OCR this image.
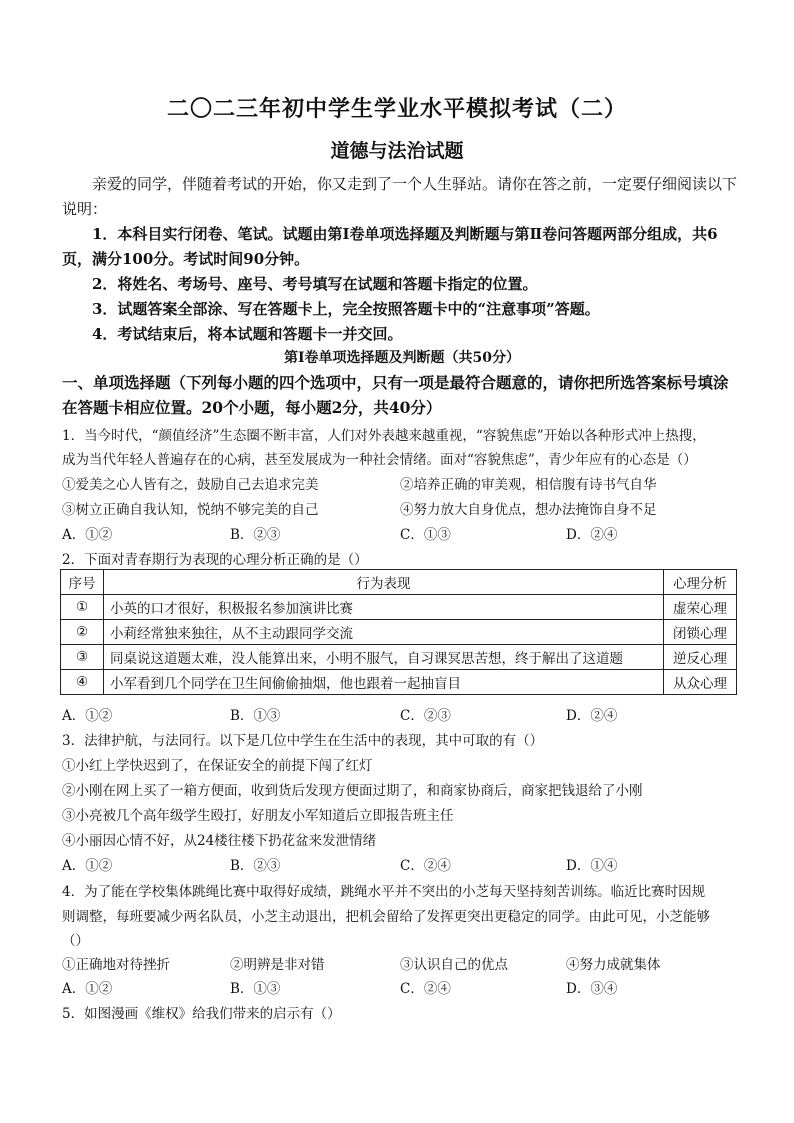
二〇二三年初中学生学业水平模拟考试（二）
道德与法治试题
亲爱的同学，伴随着考试的开始，你又走到了一个人生驿站。请你在答之前，一定要仔细阅读以下说明：
1．本科目实行闭卷、笔试。试题由第Ⅰ卷单项选择题及判断题与第Ⅱ卷问答题两部分组成，共6页，满分100分。考试时间90分钟。
2．将姓名、考场号、座号、考号填写在试题和答题卡指定的位置。
3．试题答案全部涂、写在答题卡上，完全按照答题卡中的“注意事项”答题。
4．考试结束后，将本试题和答题卡一并交回。
第Ⅰ卷单项选择题及判断题（共50分）
一、单项选择题（下列每小题的四个选项中，只有一项是最符合题意的，请你把所选答案标号填涂在答题卡相应位置。20个小题，每小题2分，共40分）
1．当今时代，“颜值经济”生态圈不断丰富，人们对外表越来越重视，“容貌焦虑”开始以各种形式冲上热搜，
成为当代年轻人普遍存在的心病，甚至发展成为一种社会情绪。面对“容貌焦虑”，青少年应有的心态是（）
①爱美之心人皆有之，鼓励自己去追求完美	②培养正确的审美观，相信腹有诗书气自华
③树立正确自我认知，悦纳不够完美的自己	④努力放大自身优点，想办法掩饰自身不足
A．①②	B．②③	C．①③	D．②④
2．下面对青春期行为表现的心理分析正确的是（）
序号	行为表现	心理分析
①	小英的口才很好，积极报名参加演讲比赛	虚荣心理
②	小莉经常独来独往，从不主动跟同学交流	闭锁心理
③	同桌说这道题太难，没人能算出来，小明不服气，自习课冥思苦想，终于解出了这道题	逆反心理
④	小军看到几个同学在卫生间偷偷抽烟，他也跟着一起抽盲目	从众心理
A．①②	B．①③	C．②③	D．②④
3．法律护航，与法同行。以下是几位中学生在生活中的表现，其中可取的有（）
①小红上学快迟到了，在保证安全的前提下闯了红灯
②小刚在网上买了一箱方便面，收到货后发现方便面过期了，和商家协商后，商家把钱退给了小刚
③小亮被几个高年级学生殴打，好朋友小军知道后立即报告班主任
④小丽因心情不好，从24楼往楼下扔花盆来发泄情绪
A．①②	B．②③	C．②④	D．①④
4．为了能在学校集体跳绳比赛中取得好成绩，跳绳水平并不突出的小芝每天坚持刻苦训练。临近比赛时因规
则调整，每班要减少两名队员，小芝主动退出，把机会留给了发挥更突出更稳定的同学。由此可见，小芝能够
（）
①正确地对待挫折	②明辨是非对错	③认识自己的优点	④努力成就集体
A．①②	B．①③	C．②④	D．③④
5．如图漫画《维权》给我们带来的启示有（）
